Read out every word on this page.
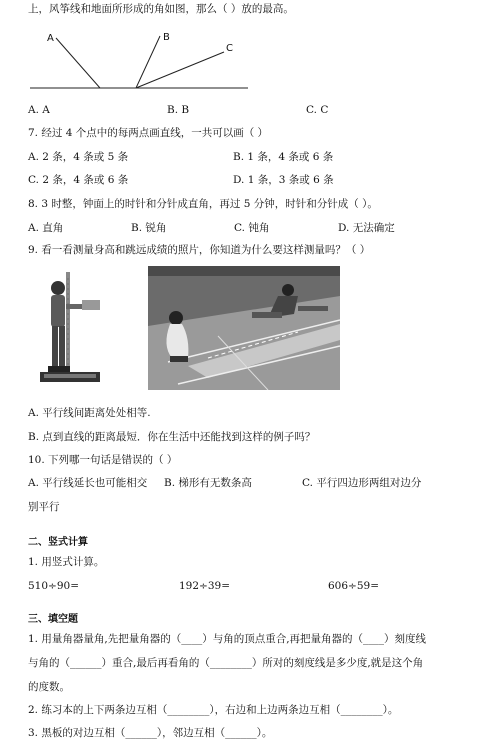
上，风筝线和地面所形成的角如图，那么（ ）放的最高。
A	B
C
A. A	B. B	C. C
7. 经过 4 个点中的每两点画直线，一共可以画（ ）
A. 2 条，4 条或 5 条	B. 1 条，4 条或 6 条
C. 2 条，4 条或 6 条	D. 1 条，3 条或 6 条
8. 3 时整，钟面上的时针和分针成直角，再过 5 分钟，时针和分针成（ ）。
A. 直角	B. 锐角	C. 钝角	D. 无法确定
9. 看一看测量身高和跳远成绩的照片，你知道为什么要这样测量吗？（ ）
A. 平行线间距离处处相等.
B. 点到直线的距离最短．你在生活中还能找到这样的例子吗？
10. 下列哪一句话是错误的（ ）
A. 平行线延长也可能相交 B. 梯形有无数条高	C. 平行四边形两组对边分
别平行
二、竖式计算
1. 用竖式计算。
510÷90=	192÷39=	606÷59=
三、填空题
1. 用量角器量角,先把量角器的（____）与角的顶点重合,再把量角器的（____）刻度线
与角的（______）重合,最后再看角的（________）所对的刻度线是多少度,就是这个角
的度数。
2. 练习本的上下两条边互相（________），右边和上边两条边互相（________）。
3. 黑板的对边互相（______），邻边互相（______）。
